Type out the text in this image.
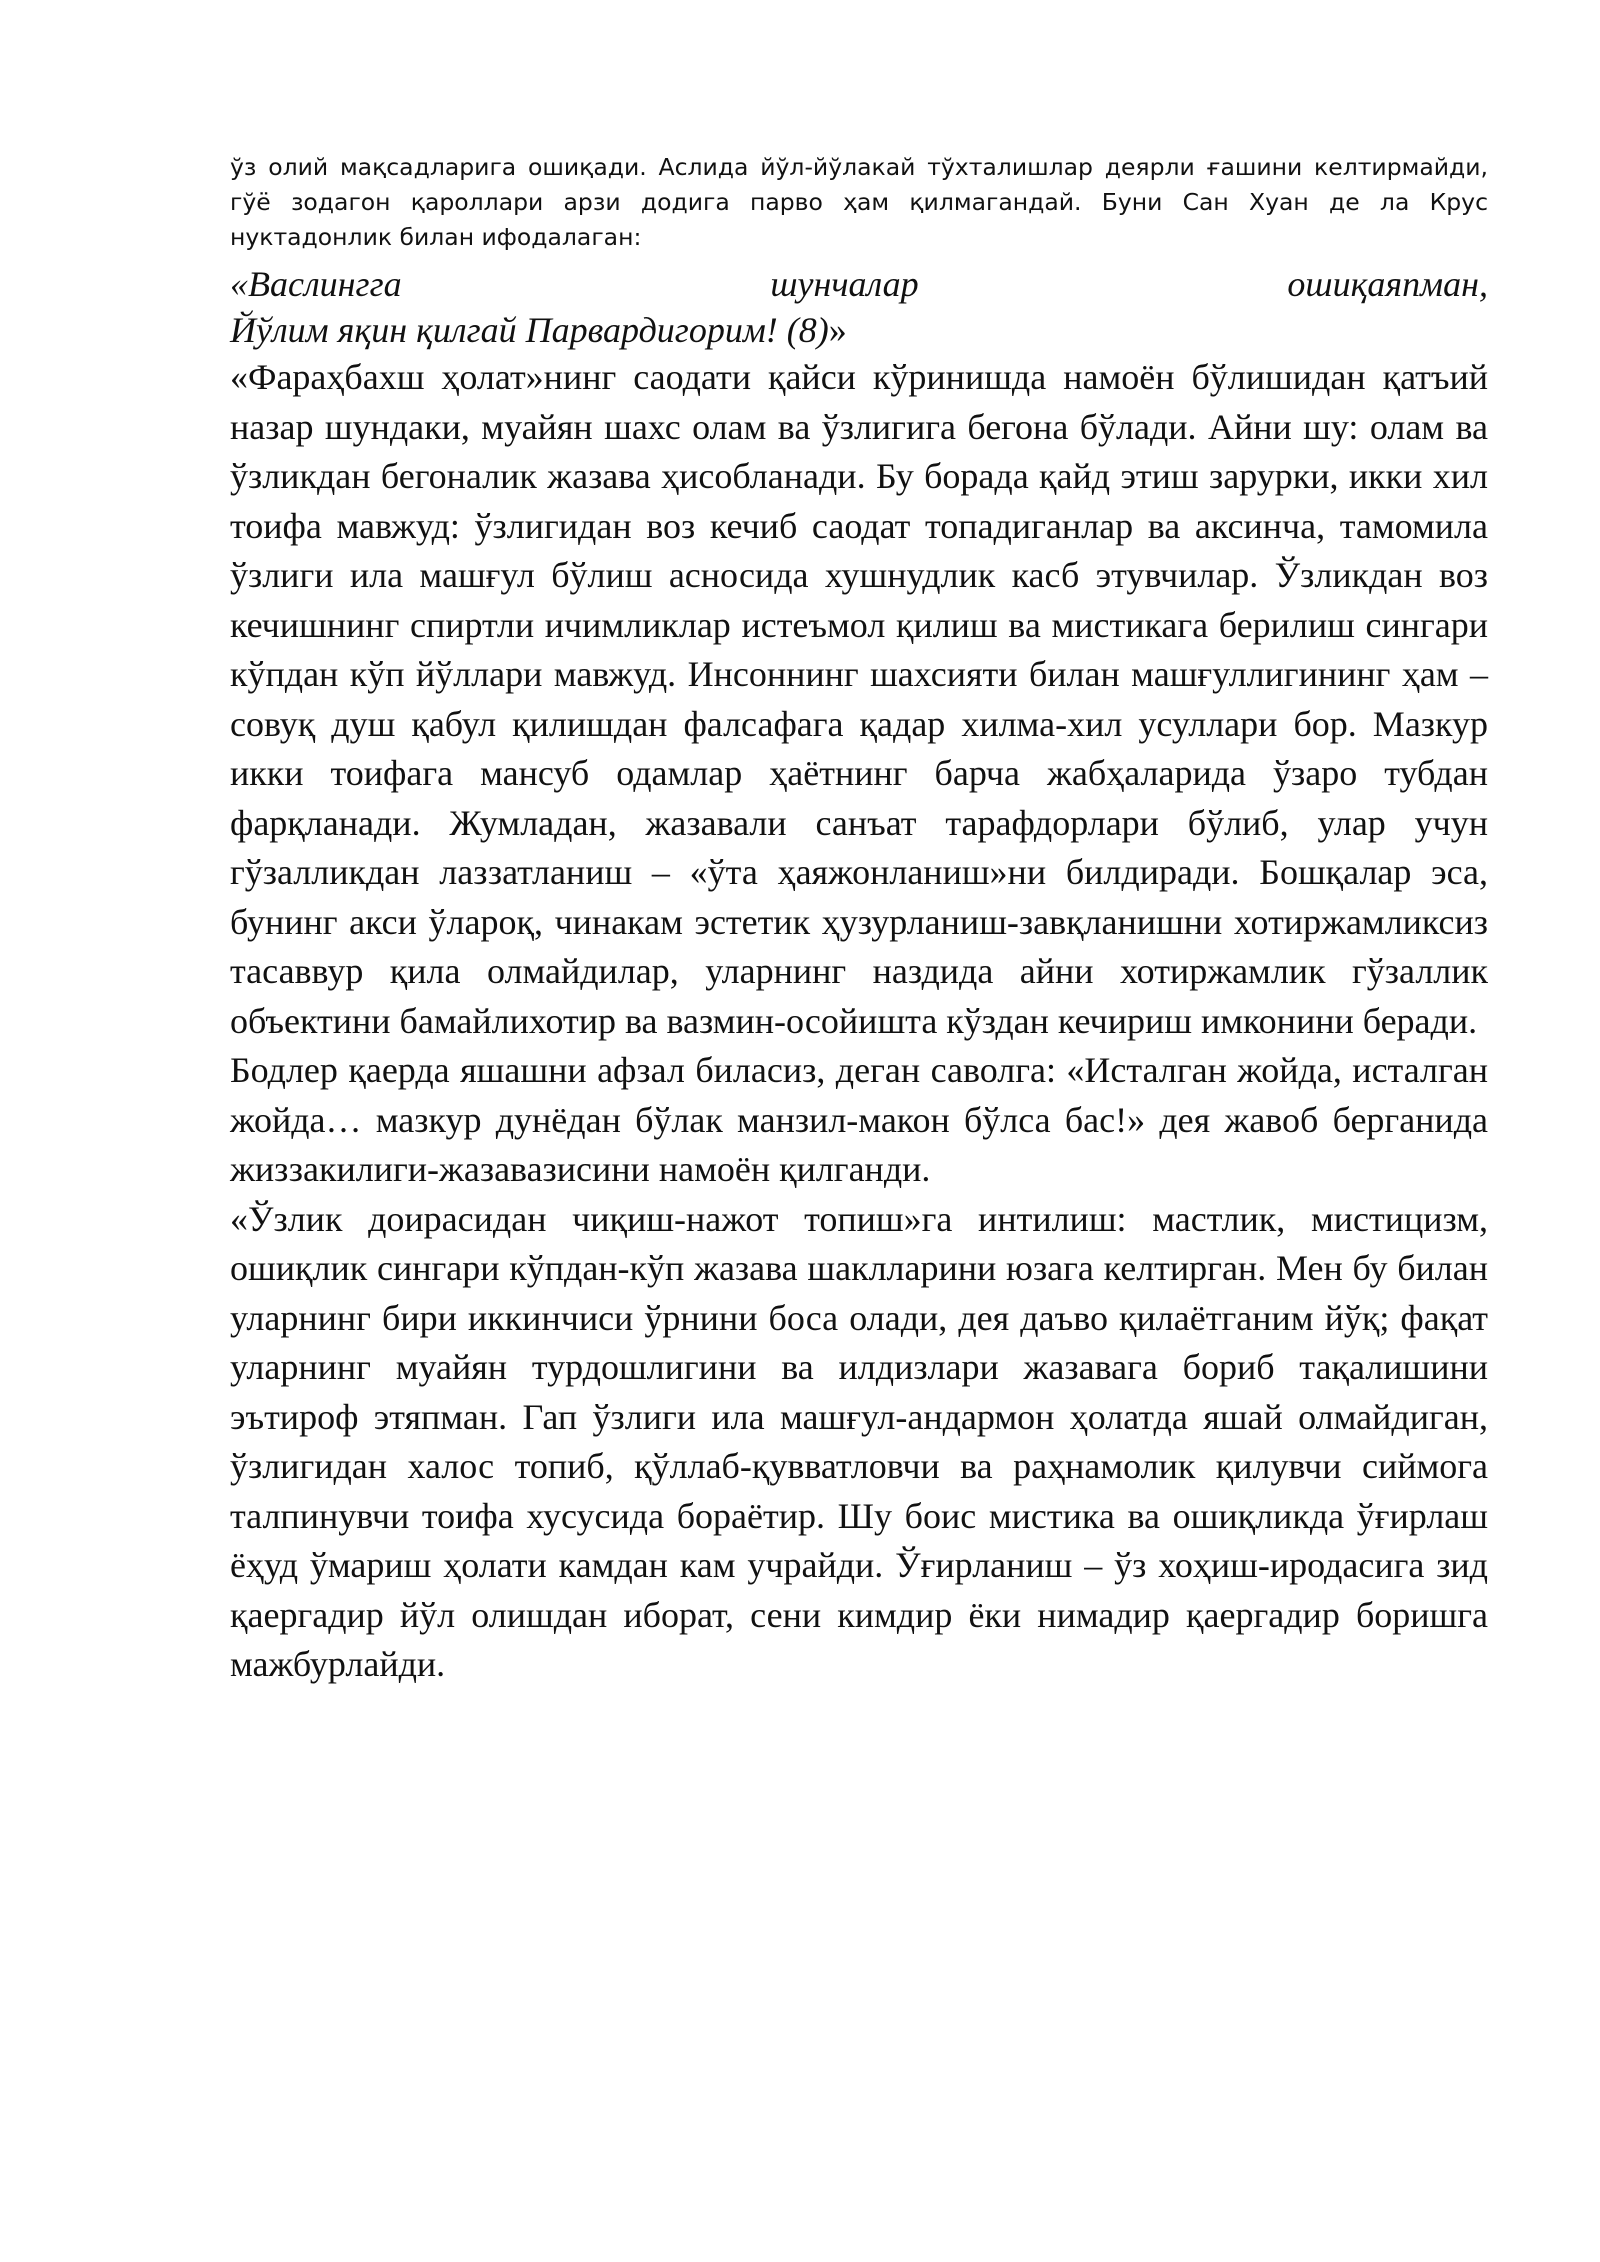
ўз олий мақсадларига ошиқади. Аслида йўл-йўлакай тўхталишлар деярли ғашини келтирмайди, гўё зодагон қароллари арзи додига парво ҳам қилмагандай. Буни Сан Хуан де ла Крус нуктадонлик билан ифодалаган:

«Васлингга шунчалар ошиқаяпман,
Йўлим яқин қилгай Парвардигорим! (8)»

«Фараҳбахш ҳолат»нинг саодати қайси кўринишда намоён бўлишидан қатъий назар шундаки, муайян шахс олам ва ўзлигига бегона бўлади. Айни шу: олам ва ўзликдан бегоналик жазава ҳисобланади. Бу борада қайд этиш зарурки, икки хил тоифа мавжуд: ўзлигидан воз кечиб саодат топадиганлар ва аксинча, тамомила ўзлиги ила машғул бўлиш асносида хушнудлик касб этувчилар. Ўзликдан воз кечишнинг спиртли ичимликлар истеъмол қилиш ва мистикага берилиш сингари кўпдан кўп йўллари мавжуд. Инсоннинг шахсияти билан машғуллигининг ҳам – совуқ душ қабул қилишдан фалсафага қадар хилма-хил усуллари бор. Мазкур икки тоифага мансуб одамлар ҳаётнинг барча жабҳаларида ўзаро тубдан фарқланади. Жумладан, жазавали санъат тарафдорлари бўлиб, улар учун гўзалликдан лаззатланиш – «ўта ҳаяжонланиш»ни билдиради. Бошқалар эса, бунинг акси ўлароқ, чинакам эстетик ҳузурланиш-завқланишни хотиржамликсиз тасаввур қила олмайдилар, уларнинг наздида айни хотиржамлик гўзаллик объектини бамайлихотир ва вазмин-осойишта кўздан кечириш имконини беради.

Бодлер қаерда яшашни афзал биласиз, деган саволга: «Исталган жойда, исталган жойда… мазкур дунёдан бўлак манзил-макон бўлса бас!» дея жавоб берганида жиззакилиги-жазавазисини намоён қилганди.

«Ўзлик доирасидан чиқиш-нажот топиш»га интилиш: мастлик, мистицизм, ошиқлик сингари кўпдан-кўп жазава шаклларини юзага келтирган. Мен бу билан уларнинг бири иккинчиси ўрнини боса олади, дея даъво қилаётганим йўқ; фақат уларнинг муайян турдошлигини ва илдизлари жазавага бориб тақалишини эътироф этяпман. Гап ўзлиги ила машғул-андармон ҳолатда яшай олмайдиган, ўзлигидан халос топиб, қўллаб-қувватловчи ва раҳнамолик қилувчи сиймога талпинувчи тоифа хусусида бораётир. Шу боис мистика ва ошиқликда ўғирлаш ёҳуд ўмариш ҳолати камдан кам учрайди. Ўғирланиш – ўз хоҳиш-иродасига зид қаергадир йўл олишдан иборат, сени кимдир ёки нимадир қаергадир боришга мажбурлайди.
